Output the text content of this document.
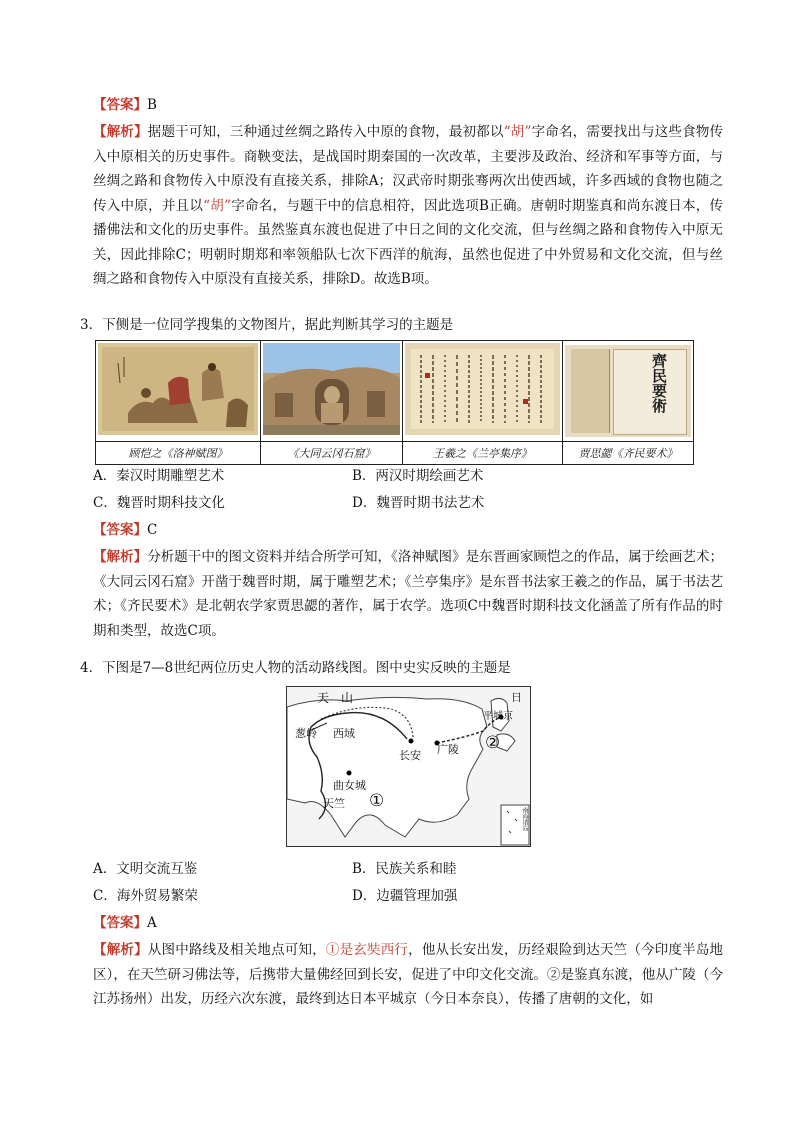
【答案】B
【解析】据题干可知，三种通过丝绸之路传入中原的食物，最初都以“胡”字命名，需要找出与这些食物传入中原相关的历史事件。商鞅变法，是战国时期秦国的一次改革，主要涉及政治、经济和军事等方面，与丝绸之路和食物传入中原没有直接关系，排除A；汉武帝时期张骞两次出使西域，许多西域的食物也随之传入中原，并且以“胡”字命名，与题干中的信息相符，因此选项B正确。唐朝时期鉴真和尚东渡日本，传播佛法和文化的历史事件。虽然鉴真东渡也促进了中日之间的文化交流，但与丝绸之路和食物传入中原无关，因此排除C；明朝时期郑和率领船队七次下西洋的航海，虽然也促进了中外贸易和文化交流，但与丝绸之路和食物传入中原没有直接关系，排除D。故选B项。
3．下侧是一位同学搜集的文物图片，据此判断其学习的主题是

齊民要術

顾恺之《洛神赋图》	《大同云冈石窟》	王羲之《兰亭集序》	贾思勰《齐民要术》
A．秦汉时期雕塑艺术	B．两汉时期绘画艺术
C．魏晋时期科技文化	D．魏晋时期书法艺术
【答案】C
【解析】分析题干中的图文资料并结合所学可知，《洛神赋图》是东晋画家顾恺之的作品，属于绘画艺术；《大同云冈石窟》开凿于魏晋时期，属于雕塑艺术；《兰亭集序》是东晋书法家王羲之的作品，属于书法艺术；《齐民要术》是北朝农学家贾思勰的著作，属于农学。选项C中魏晋时期科技文化涵盖了所有作品的时期和类型，故选C项。
4．下图是7—8世纪两位历史人物的活动路线图。图中史实反映的主题是
天　山
葱岭 西域
长安 广陵
曲女城
天竺
平城京
日
①
②
南海诸岛
A．文明交流互鉴	B．民族关系和睦
C．海外贸易繁荣	D．边疆管理加强
【答案】A
【解析】从图中路线及相关地点可知，①是玄奘西行，他从长安出发，历经艰险到达天竺（今印度半岛地区），在天竺研习佛法等，后携带大量佛经回到长安，促进了中印文化交流。②是鉴真东渡，他从广陵（今江苏扬州）出发，历经六次东渡，最终到达日本平城京（今日本奈良），传播了唐朝的文化，如
